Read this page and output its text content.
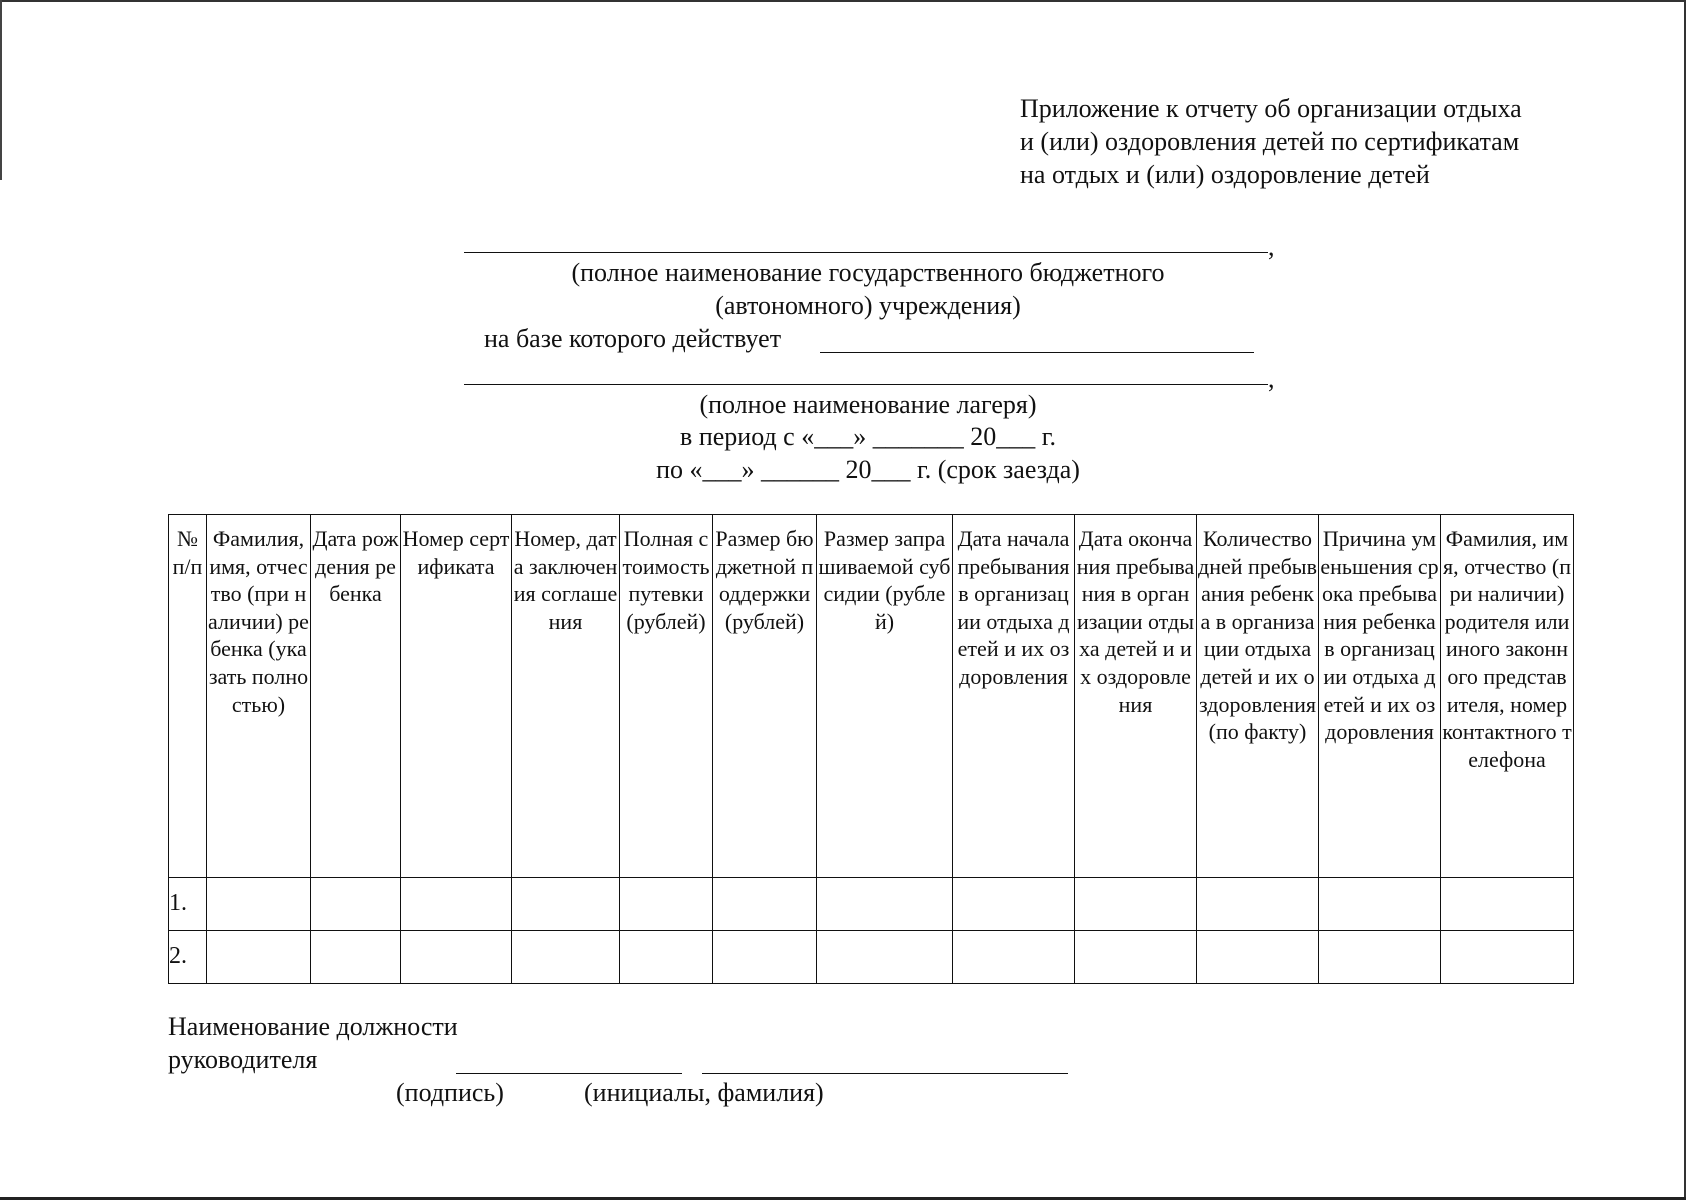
Приложение к отчету об организации отдыха
и (или) оздоровления детей по сертификатам
на отдых и (или) оздоровление детей
,
(полное наименование государственного бюджетного
(автономного) учреждения)
на базе которого действует
,
(полное наименование лагеря)
в период с «___» _______ 20___ г.
по «___» ______ 20___ г. (срок заезда)
№ п/п	Фамилия, имя, отчество (при наличии) ребенка (указать полностью)	Дата рождения ребенка	Номер сертификата	Номер, дата заключения соглашения	Полная стоимость путевки (рублей)	Размер бюджетной поддержки (рублей)	Размер запрашиваемой субсидии (рублей)	Дата начала пребывания в организации отдыха детей и их оздоровления	Дата окончания пребывания в организации отдыха детей и их оздоровления	Количество дней пребывания ребенка в организации отдыха детей и их оздоровления (по факту)	Причина уменьшения срока пребывания ребенка в организации отдыха детей и их оздоровления	Фамилия, имя, отчество (при наличии) родителя или иного законного представителя, номер контактного телефона
1.												
2.												
Наименование должности
руководителя
(подпись)	(инициалы, фамилия)
